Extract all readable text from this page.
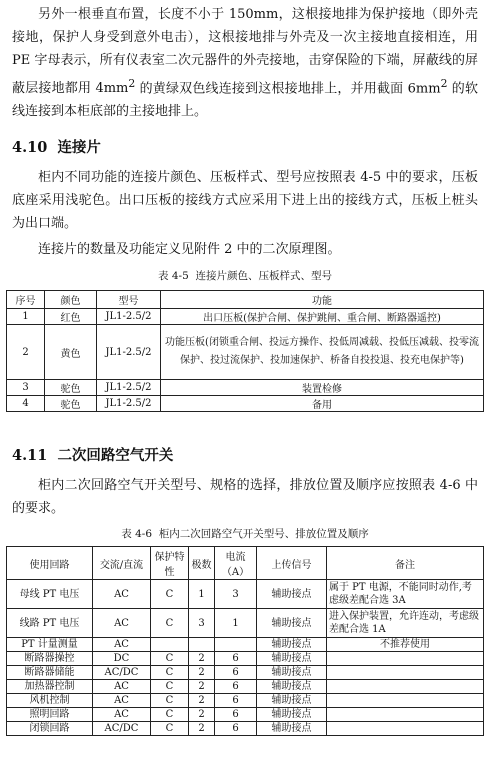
另外一根垂直布置，长度不小于 150mm，这根接地排为保护接地（即外壳接地，保护人身受到意外电击），这根接地排与外壳及一次主接地直接相连，用 PE 字母表示，所有仪表室二次元器件的外壳接地，击穿保险的下端，屏蔽线的屏蔽层接地都用 $4mm^2$ 的黄绿双色线连接到这根接地排上，并用截面 $6mm^2$ 的软线连接到本柜底部的主接地排上。

4.10 连接片

柜内不同功能的连接片颜色、压板样式、型号应按照表 4-5 中的要求，压板底座采用浅驼色。出口压板的接线方式应采用下进上出的接线方式，压板上桩头为出口端。

连接片的数量及功能定义见附件 2 中的二次原理图。

表 4-5 连接片颜色、压板样式、型号

序号	颜色	型号	功能
1	红色	JL1-2.5/2	出口压板(保护合闸、保护跳闸、重合闸、断路器遥控)
2	黄色	JL1-2.5/2	功能压板(闭锁重合闸、投远方操作、投低周减载、投低压减载、投零流保护、投过流保护、投加速保护、桥备自投投退、投充电保护等)
3	驼色	JL1-2.5/2	装置检修
4	驼色	JL1-2.5/2	备用
4.11 二次回路空气开关

柜内二次回路空气开关型号、规格的选择，排放位置及顺序应按照表 4-6 中的要求。

表 4-6 柜内二次回路空气开关型号、排放位置及顺序

使用回路	交流/直流	保护特性	极数	电流（A）	上传信号	备注
母线 PT 电压	AC	C	1	3	辅助接点	属于 PT 电源，不能同时动作,考虑级差配合选 3A
线路 PT 电压	AC	C	3	1	辅助接点	进入保护装置，允许连动，考虑级差配合选 1A
PT 计量测量	AC				辅助接点	不推荐使用
断路器操控	DC	C	2	6	辅助接点	
断路器储能	AC/DC	C	2	6	辅助接点	
加热器控制	AC	C	2	6	辅助接点	
风机控制	AC	C	2	6	辅助接点	
照明回路	AC	C	2	6	辅助接点	
闭锁回路	AC/DC	C	2	6	辅助接点	
